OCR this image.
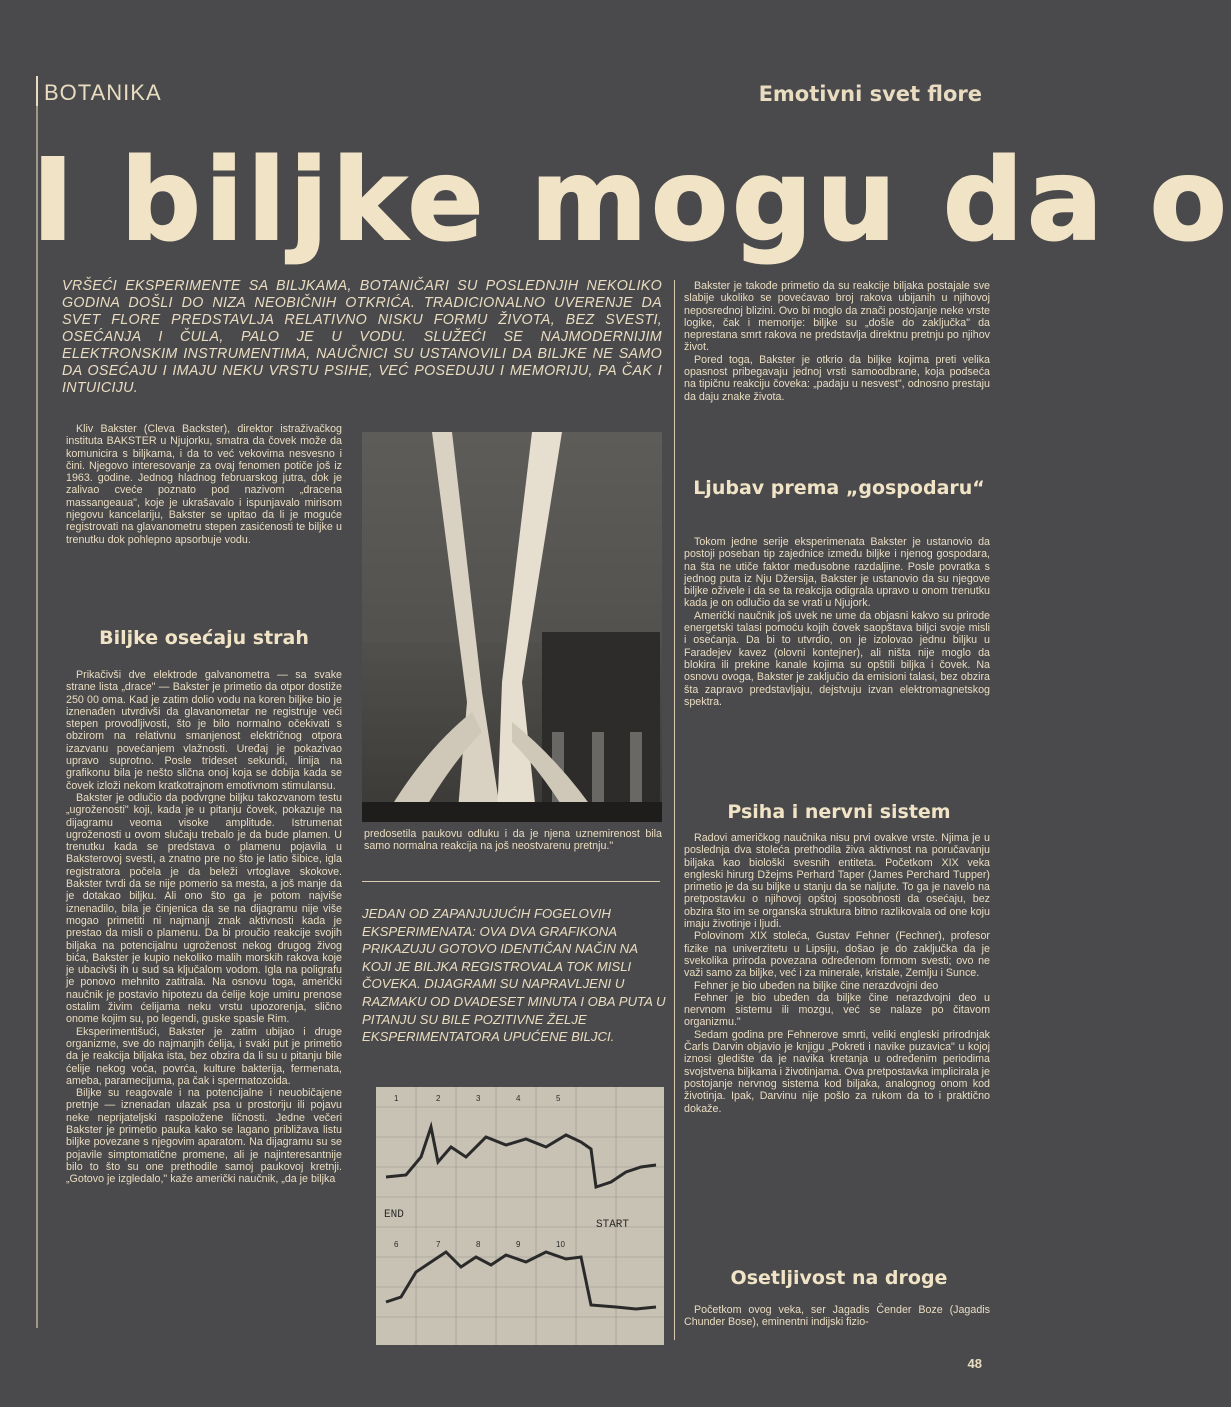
BOTANIKA	Emotivni svet flore
I biljke mogu da o
VRŠEĆI EKSPERIMENTE SA BILJKAMA, BOTANIČARI SU POSLEDNJIH NEKOLIKO GODINA DOŠLI DO NIZA NEOBIČNIH OTKRIĆA. TRADICIONALNO UVERENJE DA SVET FLORE PREDSTAVLJA RELATIVNO NISKU FORMU ŽIVOTA, BEZ SVESTI, OSEĆANJA I ČULA, PALO JE U VODU. SLUŽEĆI SE NAJMODERNIJIM ELEKTRONSKIM INSTRUMENTIMA, NAUČNICI SU USTANOVILI DA BILJKE NE SAMO DA OSEĆAJU I IMAJU NEKU VRSTU PSIHE, VEĆ POSEDUJU I MEMORIJU, PA ČAK I INTUICIJU.

Kliv Bakster (Cleva Backster), direktor istraživačkog instituta BAKSTER u Njujorku, smatra da čovek može da komunicira s biljkama, i da to već vekovima nesvesno i čini. Njegovo interesovanje za ovaj fenomen potiče još iz 1963. godine. Jednog hladnog februarskog jutra, dok je zalivao cveće poznato pod nazivom „dracena massangeaua", koje je ukrašavalo i ispunjavalo mirisom njegovu kancelariju, Bakster se upitao da li je moguće registrovati na glavanometru stepen zasićenosti te biljke u trenutku dok pohlepno apsorbuje vodu.

Biljke osećaju strah

Prikačivši dve elektrode galvanometra — sa svake strane lista „drace" — Bakster je primetio da otpor dostiže 250 00 oma. Kad je zatim dolio vodu na koren biljke bio je iznenađen utvrdivši da glavanometar ne registruje veći stepen provodljivosti, što je bilo normalno očekivati s obzirom na relativnu smanjenost električnog otpora izazvanu povećanjem vlažnosti. Uređaj je pokazivao upravo suprotno. Posle trideset sekundi, linija na grafikonu bila je nešto slična onoj koja se dobija kada se čovek izloži nekom kratkotrajnom emotivnom stimulansu.

Bakster je odlučio da podvrgne biljku takozvanom testu „ugroženosti" koji, kada je u pitanju čovek, pokazuje na dijagramu veoma visoke amplitude. Istrumenat ugroženosti u ovom slučaju trebalo je da bude plamen. U trenutku kada se predstava o plamenu pojavila u Baksterovoj svesti, a znatno pre no što je latio šibice, igla registratora počela je da beleži vrtoglave skokove. Bakster tvrdi da se nije pomerio sa mesta, a još manje da je dotakao biljku. Ali ono što ga je potom najviše iznenadilo, bila je činjenica da se na dijagramu nije više mogao primetiti ni najmanji znak aktivnosti kada je prestao da misli o plamenu. Da bi proučio reakcije svojih biljaka na potencijalnu ugroženost nekog drugog živog bića, Bakster je kupio nekoliko malih morskih rakova koje je ubacivši ih u sud sa ključalom vodom. Igla na poligrafu je ponovo mehnito zatitrala. Na osnovu toga, američki naučnik je postavio hipotezu da ćelije koje umiru prenose ostalim živim ćelijama neku vrstu upozorenja, slično onome kojim su, po legendi, guske spasle Rim.

Eksperimentišući, Bakster je zatim ubijao i druge organizme, sve do najmanjih ćelija, i svaki put je primetio da je reakcija biljaka ista, bez obzira da li su u pitanju bile ćelije nekog voća, povrća, kulture bakterija, fermenata, ameba, paramecijuma, pa čak i spermatozoida.

Biljke su reagovale i na potencijalne i neuobičajene pretnje — iznenadan ulazak psa u prostoriju ili pojavu neke neprijateljski raspoložene ličnosti. Jedne večeri Bakster je primetio pauka kako se lagano približava listu biljke povezane s njegovim aparatom. Na dijagramu su se pojavile simptomatične promene, ali je najinteresantnije bilo to što su one prethodile samoj paukovoj kretnji. „Gotovo je izgledalo," kaže američki naučnik, „da je biljka

predosetila paukovu odluku i da je njena uznemirenost bila samo normalna reakcija na još neostvarenu pretnju."
JEDAN OD ZAPANJUJUĆIH FOGELOVIH EKSPERIMENATA: OVA DVA GRAFIKONA PRIKAZUJU GOTOVO IDENTIČAN NAČIN NA KOJI JE BILJKA REGISTROVALA TOK MISLI ČOVEKA. DIJAGRAMI SU NAPRAVLJENI U RAZMAKU OD DVADESET MINUTA I OBA PUTA U PITANJU SU BILE POZITIVNE ŽELJE EKSPERIMENTATORA UPUĆENE BILJCI.
END
START
1	2	3	4	5
6	7	8	9	10

Bakster je takođe primetio da su reakcije biljaka postajale sve slabije ukoliko se povećavao broj rakova ubijanih u njihovoj neposrednoj blizini. Ovo bi moglo da znači postojanje neke vrste logike, čak i memorije: biljke su „došle do zaključka" da neprestana smrt rakova ne predstavlja direktnu pretnju po njihov život.

Pored toga, Bakster je otkrio da biljke kojima preti velika opasnost pribegavaju jednoj vrsti samoodbrane, koja podseća na tipičnu reakciju čoveka: „padaju u nesvest", odnosno prestaju da daju znake života.

Ljubav prema „gospodaru“

Tokom jedne serije eksperimenata Bakster je ustanovio da postoji poseban tip zajednice između biljke i njenog gospodara, na šta ne utiče faktor međusobne razdaljine. Posle povratka s jednog puta iz Nju Džersija, Bakster je ustanovio da su njegove biljke oživele i da se ta reakcija odigrala upravo u onom trenutku kada je on odlučio da se vrati u Njujork.

Američki naučnik još uvek ne ume da objasni kakvo su prirode energetski talasi pomoću kojih čovek saopštava biljci svoje misli i osećanja. Da bi to utvrdio, on je izolovao jednu biljku u Faradejev kavez (olovni kontejner), ali ništa nije moglo da blokira ili prekine kanale kojima su opštili biljka i čovek. Na osnovu ovoga, Bakster je zaključio da emisioni talasi, bez obzira šta zapravo predstavljaju, dejstvuju izvan elektromagnetskog spektra.

Psiha i nervni sistem

Radovi američkog naučnika nisu prvi ovakve vrste. Njima je u poslednja dva stoleća prethodila živa aktivnost na poručavanju biljaka kao biološki svesnih entiteta. Početkom XIX veka engleski hirurg Džejms Perhard Taper (James Perchard Tupper) primetio je da su biljke u stanju da se naljute. To ga je navelo na pretpostavku o njihovoj opštoj sposobnosti da osećaju, bez obzira što im se organska struktura bitno razlikovala od one koju imaju životinje i ljudi.

Polovinom XIX stoleća, Gustav Fehner (Fechner), profesor fizike na univerzitetu u Lipsiju, došao je do zaključka da je svekolika priroda povezana određenom formom svesti; ovo ne važi samo za biljke, već i za minerale, kristale, Zemlju i Sunce.

Fehner je bio ubeđen na biljke čine nerazdvojni deo

Fehner je bio ubeđen da biljke čine nerazdvojni deo u nervnom sistemu ili mozgu, već se nalaze po čitavom organizmu."

Sedam godina pre Fehnerove smrti, veliki engleski prirodnjak Čarls Darvin objavio je knjigu „Pokreti i navike puzavica" u kojoj iznosi gledište da je navika kretanja u određenim periodima svojstvena biljkama i životinjama. Ova pretpostavka implicirala je postojanje nervnog sistema kod biljaka, analognog onom kod životinja. Ipak, Darvinu nije pošlo za rukom da to i praktično dokaže.

Osetljivost na droge

Početkom ovog veka, ser Jagadis Čender Boze (Jagadis Chunder Bose), eminentni indijski fizio-

48
